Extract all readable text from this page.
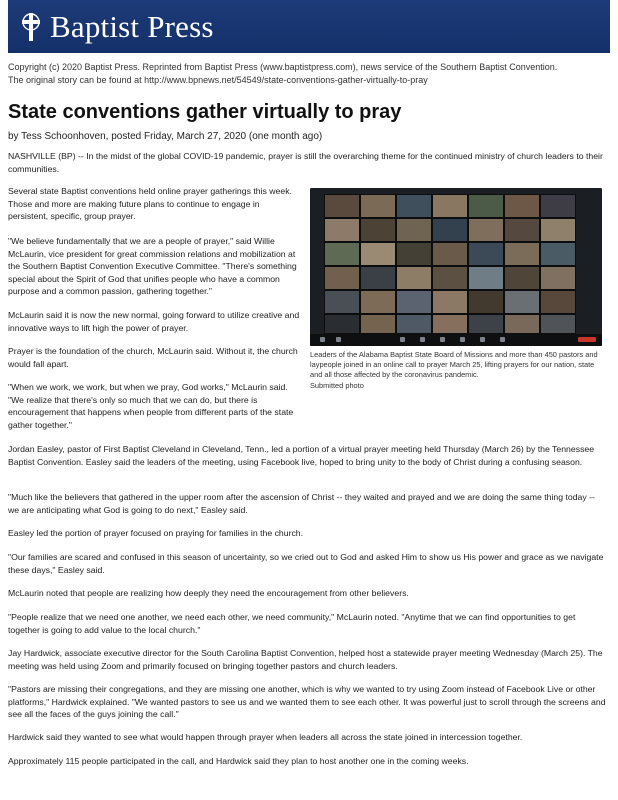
Baptist Press
Copyright (c) 2020 Baptist Press. Reprinted from Baptist Press (www.baptistpress.com), news service of the Southern Baptist Convention.
The original story can be found at http://www.bpnews.net/54549/state-conventions-gather-virtually-to-pray
State conventions gather virtually to pray
by Tess Schoonhoven, posted Friday, March 27, 2020 (one month ago)
NASHVILLE (BP) -- In the midst of the global COVID-19 pandemic, prayer is still the overarching theme for the continued ministry of church leaders to their communities.
Several state Baptist conventions held online prayer gatherings this week. Those and more are making future plans to continue to engage in persistent, specific, group prayer.
"We believe fundamentally that we are a people of prayer," said Willie McLaurin, vice president for great commission relations and mobilization at the Southern Baptist Convention Executive Committee. "There's something special about the Spirit of God that unifies people who have a common purpose and a common passion, gathering together."
McLaurin said it is now the new normal, going forward to utilize creative and innovative ways to lift high the power of prayer.
Prayer is the foundation of the church, McLaurin said. Without it, the church would fall apart.
"When we work, we work, but when we pray, God works," McLaurin said. "We realize that there's only so much that we can do, but there is encouragement that happens when people from different parts of the state gather together."
Leaders of the Alabama Baptist State Board of Missions and more than 450 pastors and laypeople joined in an online call to prayer March 25, lifting prayers for our nation, state and all those affected by the coronavirus pandemic.
Submitted photo
Jordan Easley, pastor of First Baptist Cleveland in Cleveland, Tenn., led a portion of a virtual prayer meeting held Thursday (March 26) by the Tennessee Baptist Convention. Easley said the leaders of the meeting, using Facebook live, hoped to bring unity to the body of Christ during a confusing season.
"Much like the believers that gathered in the upper room after the ascension of Christ -- they waited and prayed and we are doing the same thing today -- we are anticipating what God is going to do next," Easley said.
Easley led the portion of prayer focused on praying for families in the church.
"Our families are scared and confused in this season of uncertainty, so we cried out to God and asked Him to show us His power and grace as we navigate these days," Easley said.
McLaurin noted that people are realizing how deeply they need the encouragement from other believers.
"People realize that we need one another, we need each other, we need community," McLaurin noted. "Anytime that we can find opportunities to get together is going to add value to the local church."
Jay Hardwick, associate executive director for the South Carolina Baptist Convention, helped host a statewide prayer meeting Wednesday (March 25). The meeting was held using Zoom and primarily focused on bringing together pastors and church leaders.
"Pastors are missing their congregations, and they are missing one another, which is why we wanted to try using Zoom instead of Facebook Live or other platforms," Hardwick explained. "We wanted pastors to see us and we wanted them to see each other. It was powerful just to scroll through the screens and see all the faces of the guys joining the call."
Hardwick said they wanted to see what would happen through prayer when leaders all across the state joined in intercession together.
Approximately 115 people participated in the call, and Hardwick said they plan to host another one in the coming weeks.
